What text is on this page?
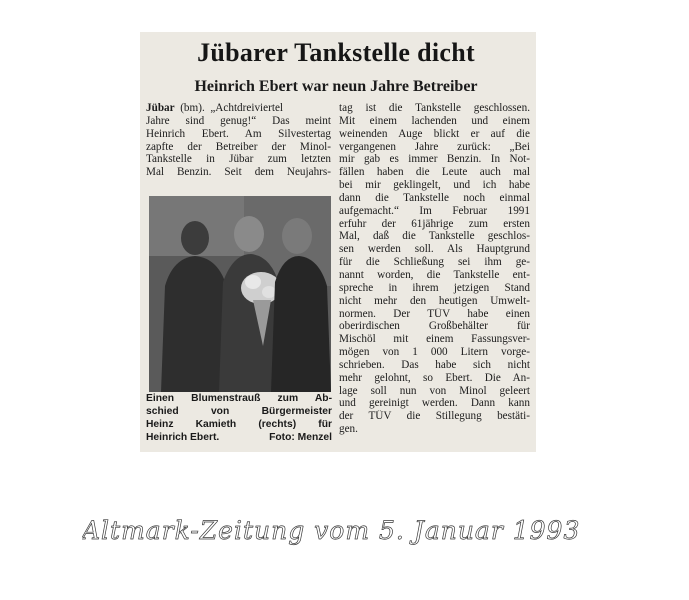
Jübarer Tankstelle dicht
Heinrich Ebert war neun Jahre Betreiber
Jübar (bm). „Achtdreiviertel
Jahre sind genug!“ Das meint
Heinrich Ebert. Am Silvestertag
zapfte der Betreiber der Minol-
Tankstelle in Jübar zum letzten
Mal Benzin. Seit dem Neujahrs-
Einen Blumenstrauß zum Ab-
schied von Bürgermeister
Heinz Kamieth (rechts) für
Heinrich Ebert.	Foto: Menzel
tag ist die Tankstelle geschlossen.
Mit einem lachenden und einem
weinenden Auge blickt er auf die
vergangenen Jahre zurück: „Bei
mir gab es immer Benzin. In Not-
fällen haben die Leute auch mal
bei mir geklingelt, und ich habe
dann die Tankstelle noch einmal
aufgemacht.“ Im Februar 1991
erfuhr der 61jährige zum ersten
Mal, daß die Tankstelle geschlos-
sen werden soll. Als Hauptgrund
für die Schließung sei ihm ge-
nannt worden, die Tankstelle ent-
spreche in ihrem jetzigen Stand
nicht mehr den heutigen Umwelt-
normen. Der TÜV habe einen
oberirdischen Großbehälter für
Mischöl mit einem Fassungsver-
mögen von 1 000 Litern vorge-
schrieben. Das habe sich nicht
mehr gelohnt, so Ebert. Die An-
lage soll nun von Minol geleert
und gereinigt werden. Dann kann
der TÜV die Stillegung bestäti-
gen.
Altmark-Zeitung vom 5. Januar 1993
